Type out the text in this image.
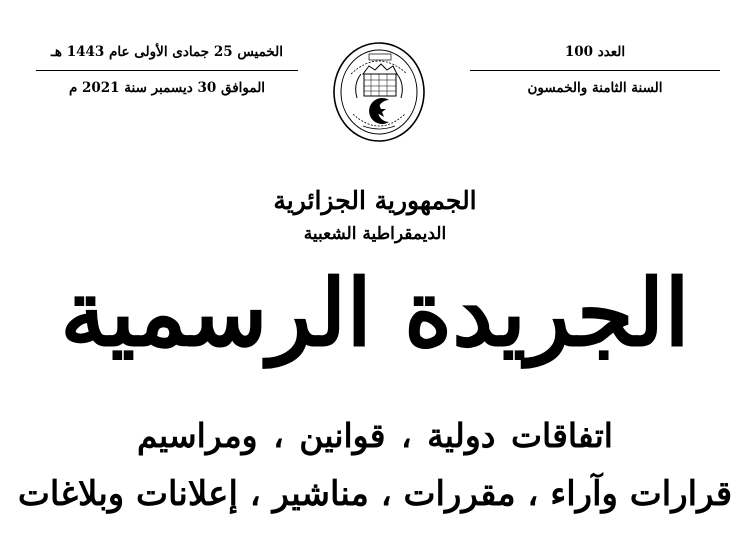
الخميس 25 جمادى الأولى عام 1443 هـ
الموافق 30 ديسمبر سنة 2021 م
العدد 100
السنة الثامنة والخمسون
الجمهورية الجزائرية
الديمقراطية الشعبية
الجريدة الرسمية
اتفاقات دولية ، قوانين ، ومراسيم
قرارات وآراء ، مقررات ، مناشير ، إعلانات وبلاغات
